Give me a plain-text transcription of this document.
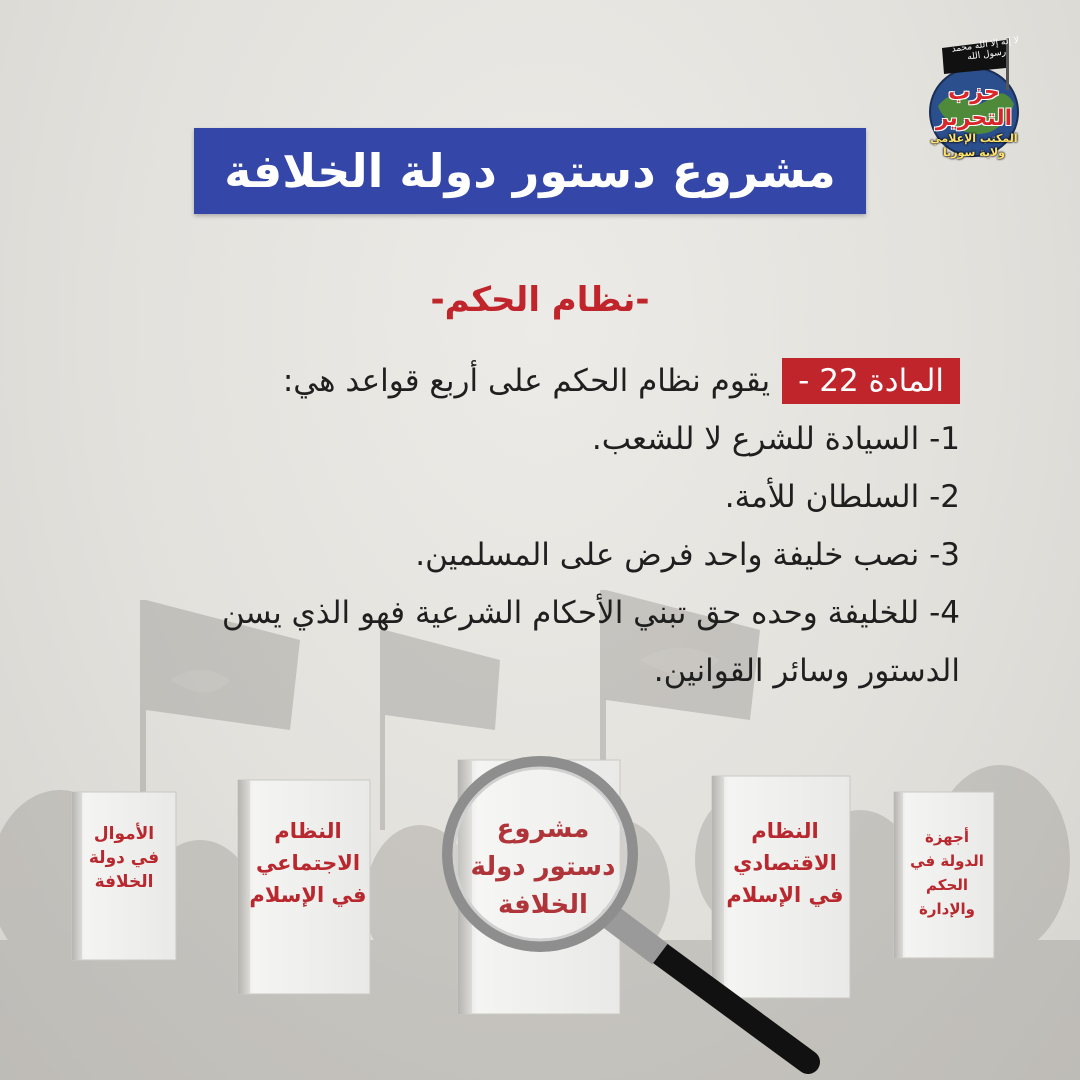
لا إله إلا الله محمد رسول الله
حزب التحرير
المكتب الإعلامي
ولاية سوريا
مشروع دستور دولة الخلافة
-نظام الحكم-

المادة 22 -يقوم نظام الحكم على أربع قواعد هي:

1- السيادة للشرع لا للشعب.

2- السلطان للأمة.

3- نصب خليفة واحد فرض على المسلمين.

4- للخليفة وحده حق تبني الأحكام الشرعية فهو الذي يسن الدستور وسائر القوانين.

الأموال
في دولة
الخلافة
النظام
الاجتماعي
في الإسلام
مشروع
دستور دولة
الخلافة
النظام
الاقتصادي
في الإسلام
أجهزة
الدولة في
الحكم والإدارة
